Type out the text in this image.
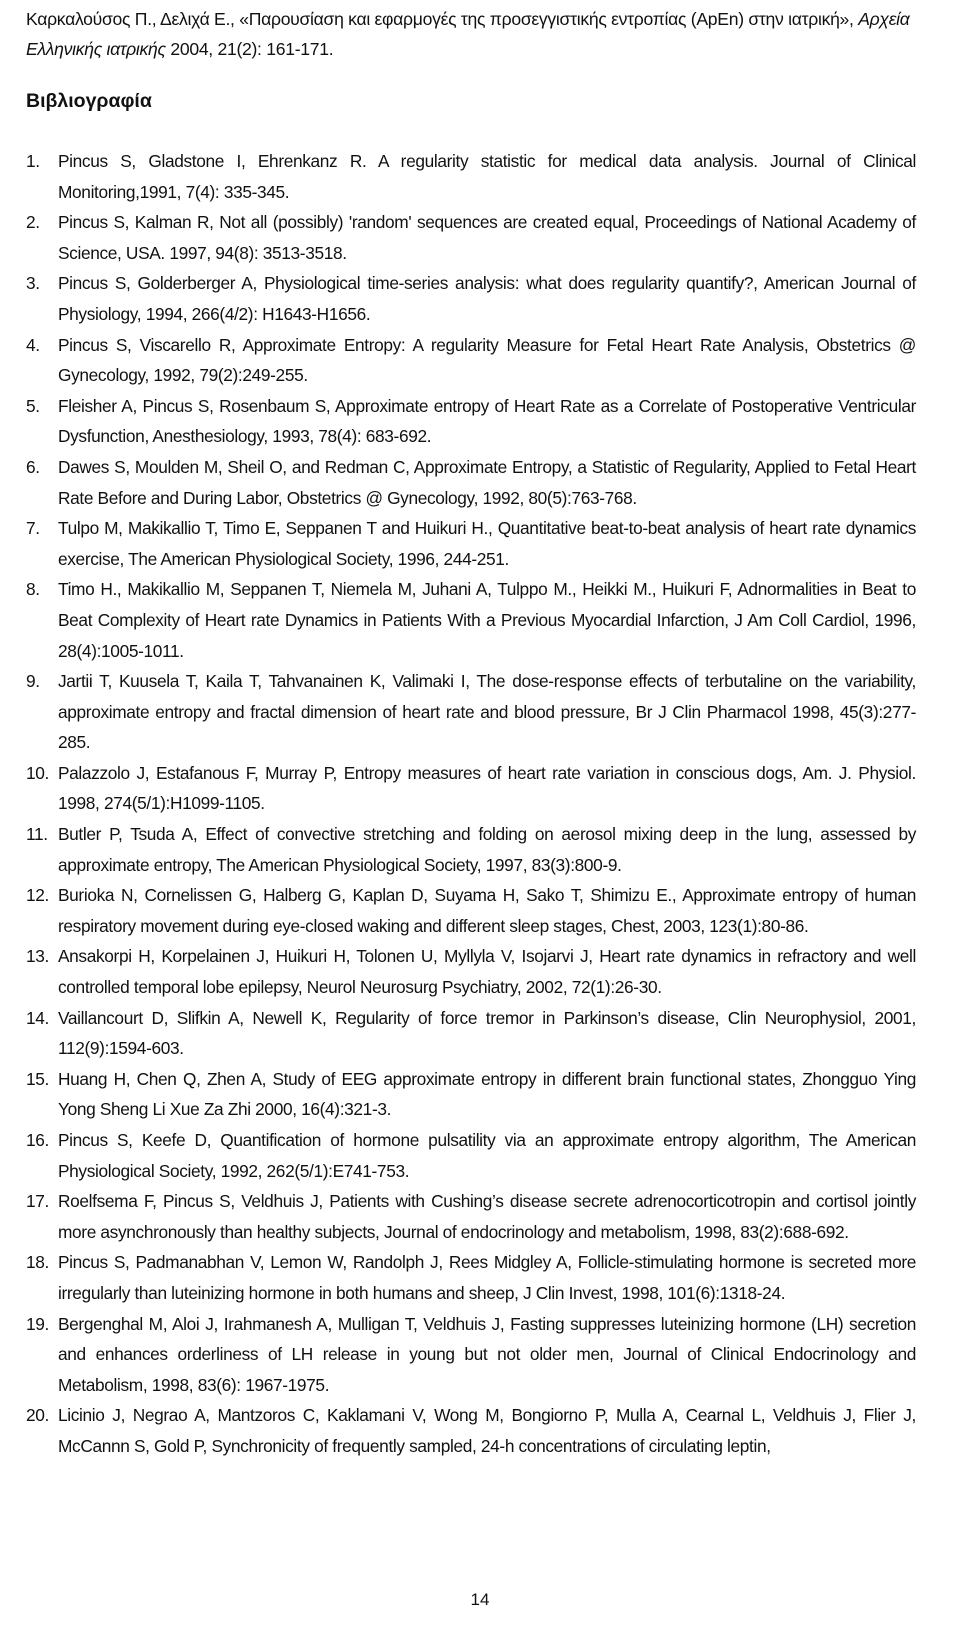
Καρκαλούσος Π., Δελιχά Ε., «Παρουσίαση και εφαρμογές της προσεγγιστικής εντροπίας (ApEn) στην ιατρική», Αρχεία Ελληνικής ιατρικής 2004, 21(2): 161-171.
Βιβλιογραφία
1. Pincus S, Gladstone I, Ehrenkanz R. A regularity statistic for medical data analysis. Journal of Clinical Monitoring,1991, 7(4): 335-345.
2. Pincus S, Kalman R, Not all (possibly) 'random' sequences are created equal, Proceedings of National Academy of Science, USA. 1997, 94(8): 3513-3518.
3. Pincus S, Golderberger A, Physiological time-series analysis: what does regularity quantify?, American Journal of Physiology, 1994, 266(4/2): H1643-H1656.
4. Pincus S, Viscarello R, Approximate Entropy: A regularity Measure for Fetal Heart Rate Analysis, Obstetrics @ Gynecology, 1992, 79(2):249-255.
5. Fleisher A, Pincus S, Rosenbaum S, Approximate entropy of Heart Rate as a Correlate of Postoperative Ventricular Dysfunction, Anesthesiology, 1993, 78(4): 683-692.
6. Dawes S, Moulden M, Sheil O, and Redman C, Approximate Entropy, a Statistic of Regularity, Applied to Fetal Heart Rate Before and During Labor, Obstetrics @ Gynecology, 1992, 80(5):763-768.
7. Tulpo M, Makikallio T, Timo E, Seppanen T and Huikuri H., Quantitative beat-to-beat analysis of heart rate dynamics exercise, The American Physiological Society, 1996, 244-251.
8. Timo H., Makikallio M, Seppanen T, Niemela M, Juhani A, Tulppo M., Heikki M., Huikuri F, Adnormalities in Beat to Beat Complexity of Heart rate Dynamics in Patients With a Previous Myocardial Infarction, J Am Coll Cardiol, 1996, 28(4):1005-1011.
9. Jartii T, Kuusela T, Kaila T, Tahvanainen K, Valimaki I, The dose-response effects of terbutaline on the variability, approximate entropy and fractal dimension of heart rate and blood pressure, Br J Clin Pharmacol 1998, 45(3):277-285.
10. Palazzolo J, Estafanous F, Murray P, Entropy measures of heart rate variation in conscious dogs, Am. J. Physiol. 1998, 274(5/1):H1099-1105.
11. Butler P, Tsuda A, Effect of convective stretching and folding on aerosol mixing deep in the lung, assessed by approximate entropy, The American Physiological Society, 1997, 83(3):800-9.
12. Burioka N, Cornelissen G, Halberg G, Kaplan D, Suyama H, Sako T, Shimizu E., Approximate entropy of human respiratory movement during eye-closed waking and different sleep stages, Chest, 2003, 123(1):80-86.
13. Ansakorpi H, Korpelainen J, Huikuri H, Tolonen U, Myllyla V, Isojarvi J, Heart rate dynamics in refractory and well controlled temporal lobe epilepsy, Neurol Neurosurg Psychiatry, 2002, 72(1):26-30.
14. Vaillancourt D, Slifkin A, Newell K, Regularity of force tremor in Parkinson’s disease, Clin Neurophysiol, 2001, 112(9):1594-603.
15. Huang H, Chen Q, Zhen A, Study of EEG approximate entropy in different brain functional states, Zhongguo Ying Yong Sheng Li Xue Za Zhi 2000, 16(4):321-3.
16. Pincus S, Keefe D, Quantification of hormone pulsatility via an approximate entropy algorithm, The American Physiological Society, 1992, 262(5/1):E741-753.
17. Roelfsema F, Pincus S, Veldhuis J, Patients with Cushing’s disease secrete adrenocorticotropin and cortisol jointly more asynchronously than healthy subjects, Journal of endocrinology and metabolism, 1998, 83(2):688-692.
18. Pincus S, Padmanabhan V, Lemon W, Randolph J, Rees Midgley A, Follicle-stimulating hormone is secreted more irregularly than luteinizing hormone in both humans and sheep, J Clin Invest, 1998, 101(6):1318-24.
19. Bergenghal M, Aloi J, Irahmanesh A, Mulligan T, Veldhuis J, Fasting suppresses luteinizing hormone (LH) secretion and enhances orderliness of LH release in young but not older men, Journal of Clinical Endocrinology and Metabolism, 1998, 83(6): 1967-1975.
20. Licinio J, Negrao A, Mantzoros C, Kaklamani V, Wong M, Bongiorno P, Mulla A, Cearnal L, Veldhuis J, Flier J, McCannn S, Gold P, Synchronicity of frequently sampled, 24-h concentrations of circulating leptin,
14
